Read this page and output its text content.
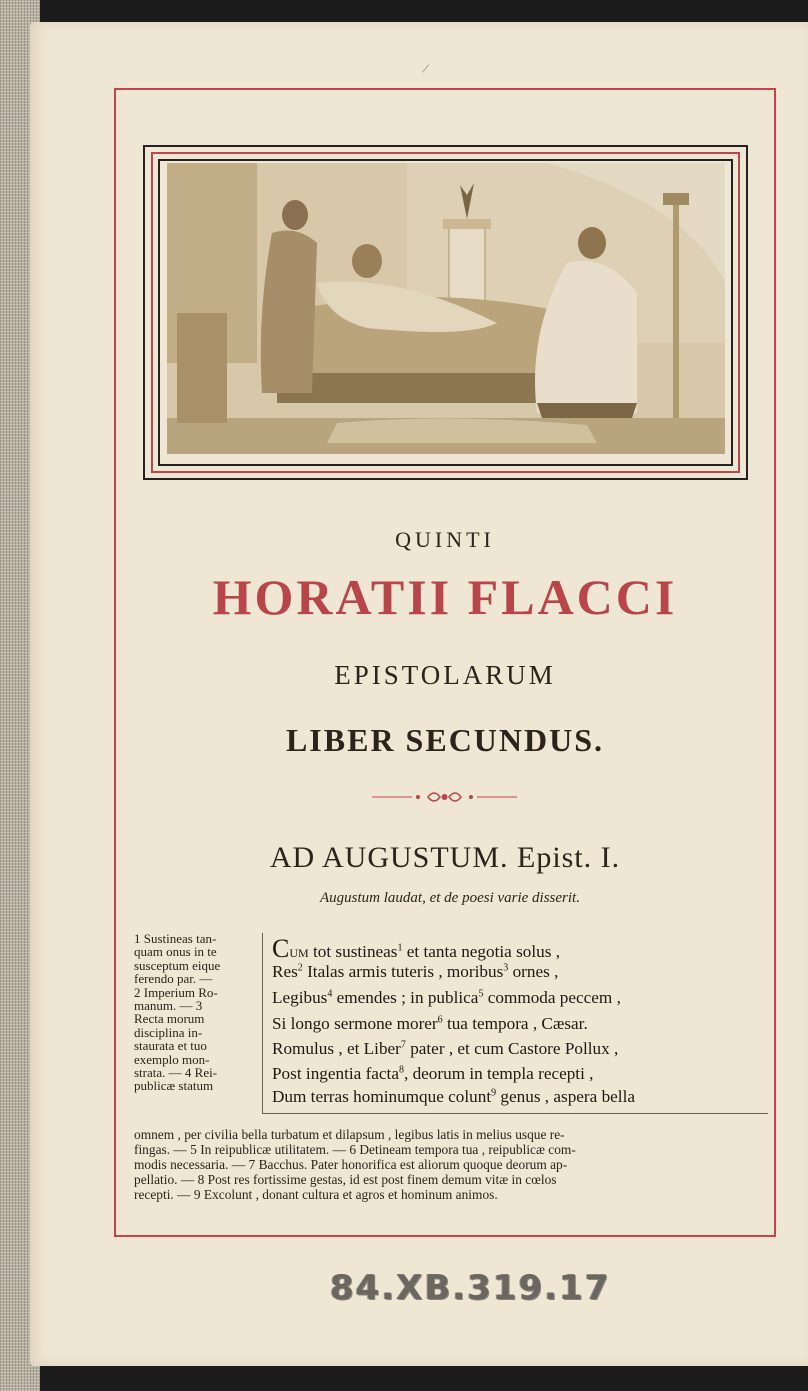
/
QUINTI
HORATII FLACCI
EPISTOLARUM
LIBER SECUNDUS.
AD AUGUSTUM. Epist. I.
Augustum laudat, et de poesi varie disserit.
1 Sustineas tan-
quam onus in te
susceptum eique
ferendo par. —
2 Imperium Ro-
manum. — 3
Recta morum
disciplina in-
staurata et tuo
exemplo mon-
strata. — 4 Rei-
publicæ statum
Cum tot sustineas$^1$ et tanta negotia solus ,
Res$^2$ Italas armis tuteris , moribus$^3$ ornes ,
Legibus$^4$ emendes ; in publica$^5$ commoda peccem ,
Si longo sermone morer$^6$ tua tempora , Cæsar.
Romulus , et Liber$^7$ pater , et cum Castore Pollux ,
Post ingentia facta$^8$, deorum in templa recepti ,
Dum terras hominumque colunt$^9$ genus , aspera bella
omnem , per civilia bella turbatum et dilapsum , legibus latis in melius usque re-
fingas. — 5 In reipublicæ utilitatem. — 6 Detineam tempora tua , reipublicæ com-
modis necessaria. — 7 Bacchus. Pater honorifica est aliorum quoque deorum ap-
pellatio. — 8 Post res fortissime gestas, id est post finem demum vitæ in cœlos
recepti. — 9 Excolunt , donant cultura et agros et hominum animos.
84.XB.319.17
